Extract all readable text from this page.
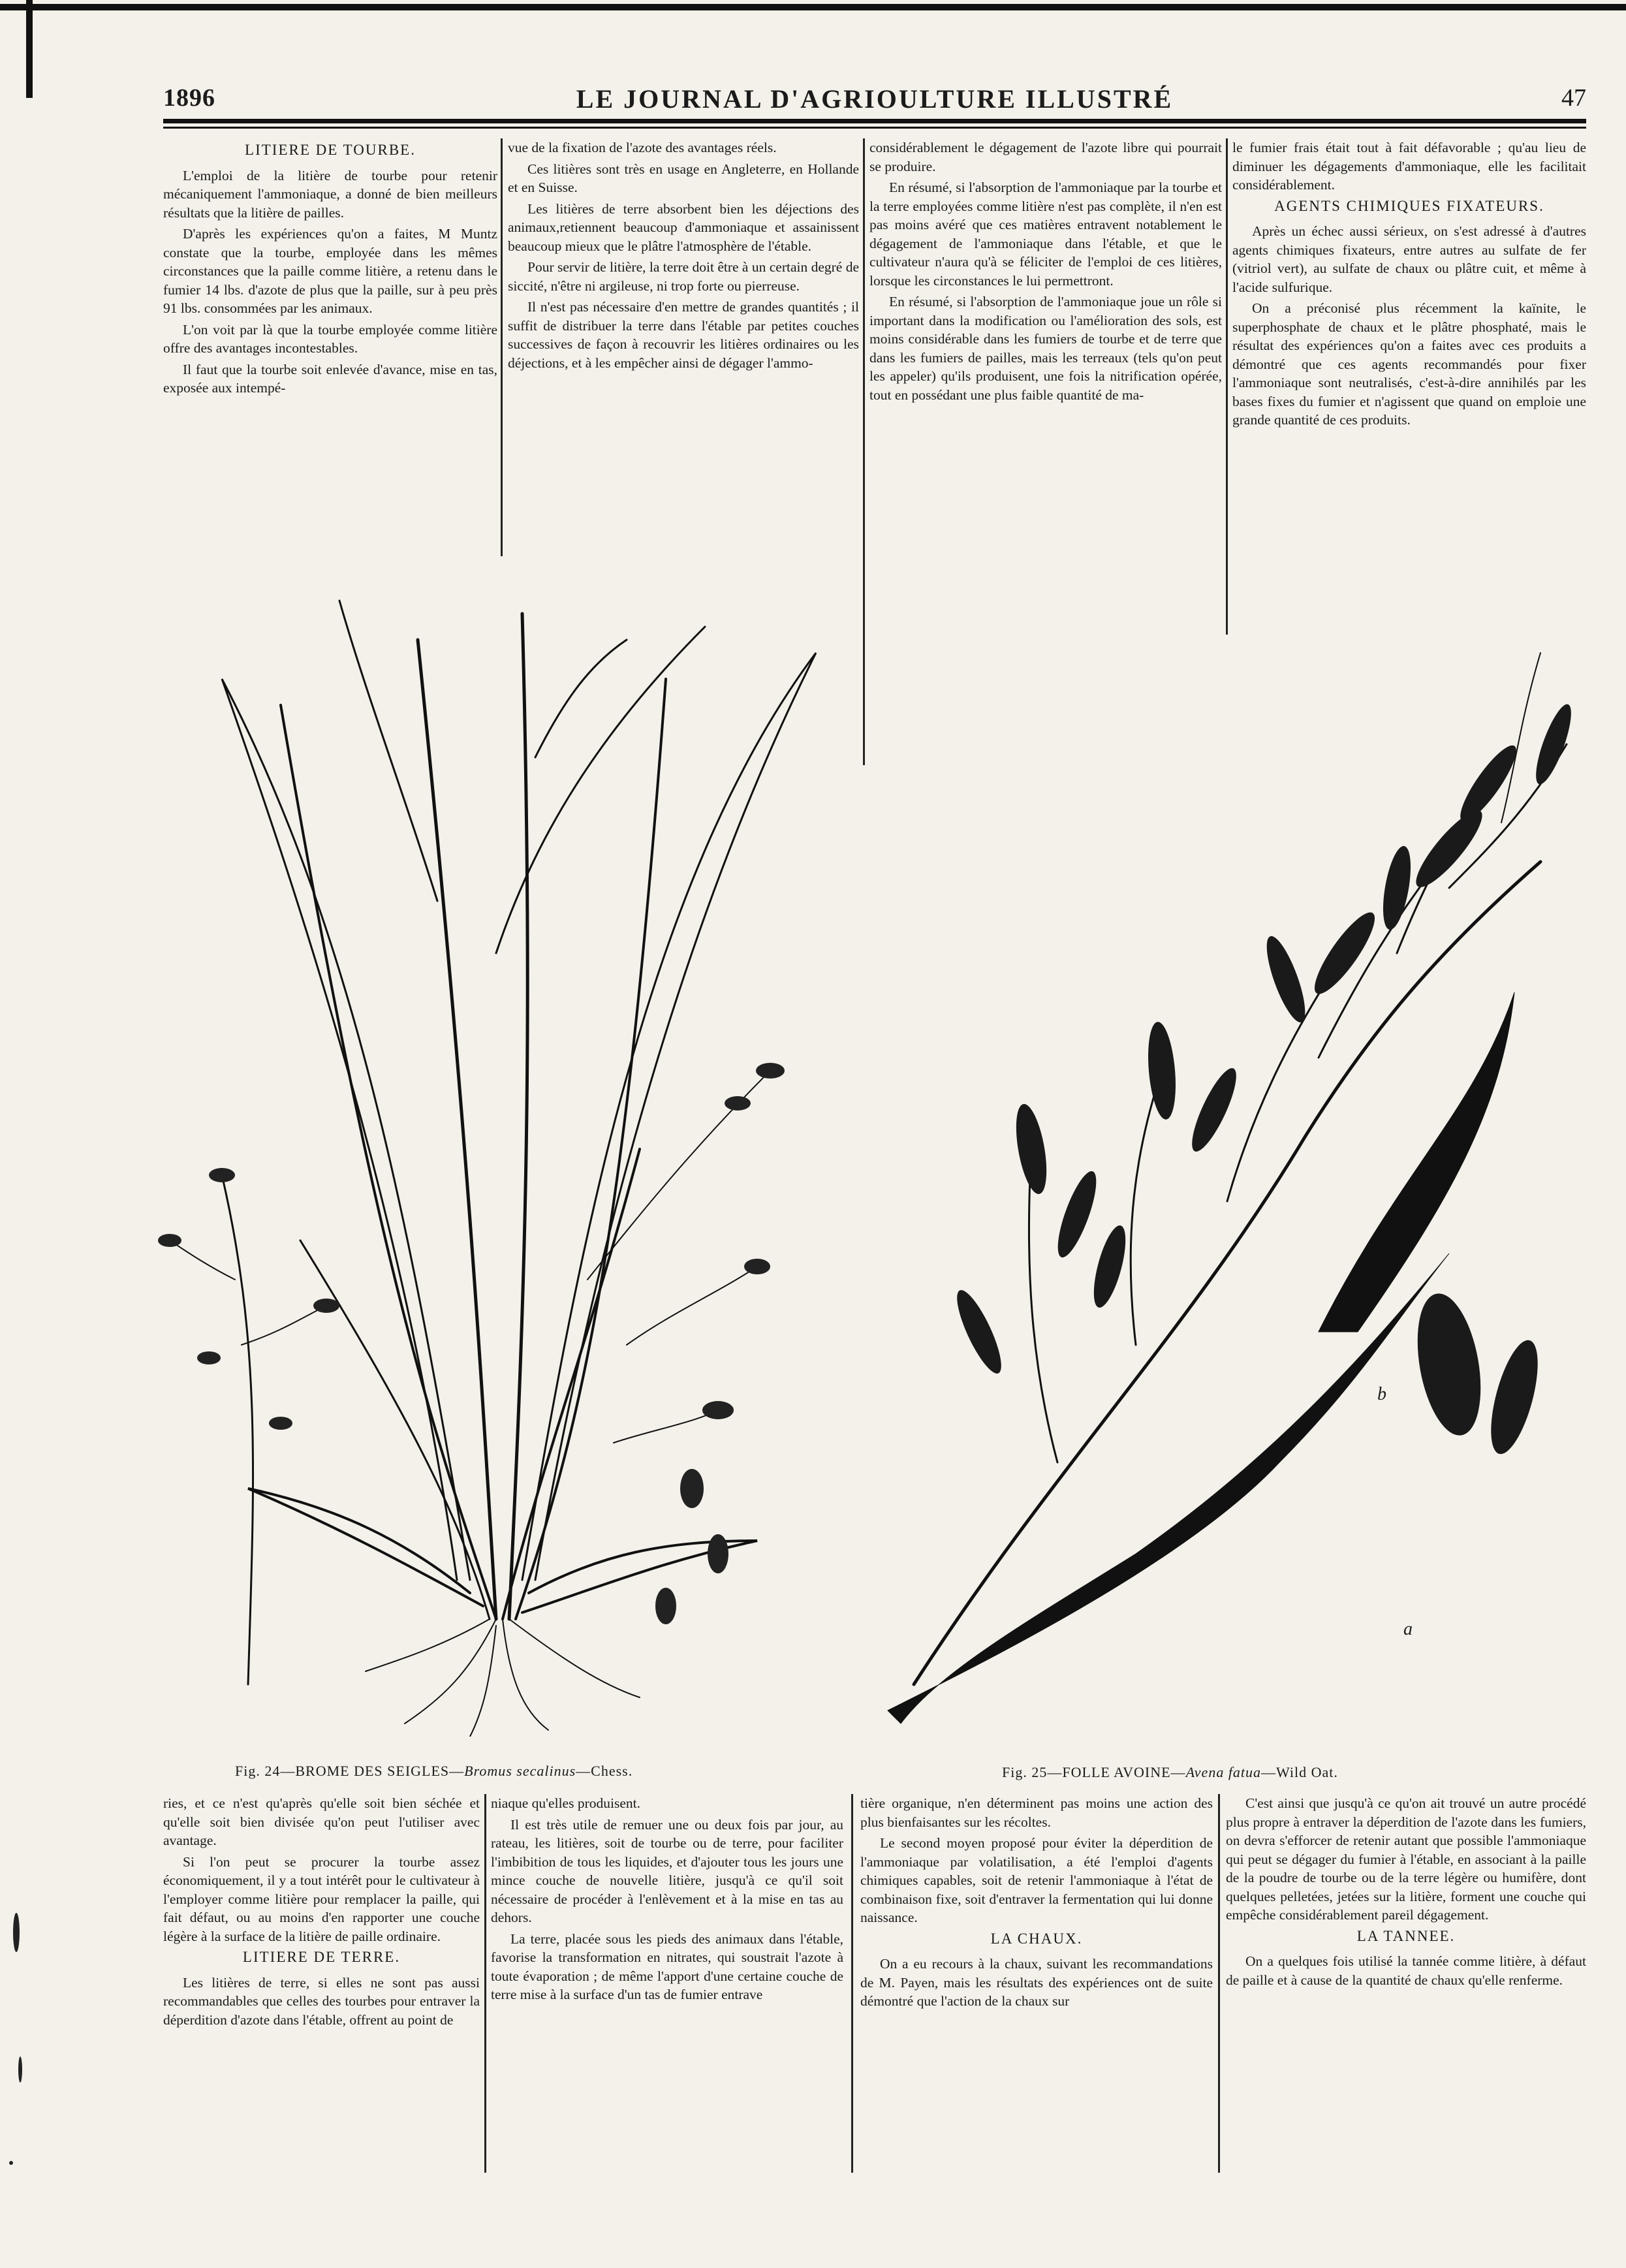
1896	LE JOURNAL D'AGRIOULTURE ILLUSTRÉ	47
LITIERE DE TOURBE.

L'emploi de la litière de tourbe pour retenir mécaniquement l'ammoniaque, a donné de bien meilleurs résultats que la litière de pailles.

D'après les expériences qu'on a faites, M Muntz constate que la tourbe, employée dans les mêmes circonstances que la paille comme litière, a retenu dans le fumier 14 lbs. d'azote de plus que la paille, sur à peu près 91 lbs. consommées par les animaux.

L'on voit par là que la tourbe employée comme litière offre des avantages incontestables.

Il faut que la tourbe soit enlevée d'avance, mise en tas, exposée aux intempé-

vue de la fixation de l'azote des avantages réels.

Ces litières sont très en usage en Angleterre, en Hollande et en Suisse.

Les litières de terre absorbent bien les déjections des animaux,retiennent beaucoup d'ammoniaque et assainissent beaucoup mieux que le plâtre l'atmosphère de l'étable.

Pour servir de litière, la terre doit être à un certain degré de siccité, n'être ni argileuse, ni trop forte ou pierreuse.

Il n'est pas nécessaire d'en mettre de grandes quantités ; il suffit de distribuer la terre dans l'étable par petites couches successives de façon à recouvrir les litières ordinaires ou les déjections, et à les empêcher ainsi de dégager l'ammo-

considérablement le dégagement de l'azote libre qui pourrait se produire.

En résumé, si l'absorption de l'ammoniaque par la tourbe et la terre employées comme litière n'est pas complète, il n'en est pas moins avéré que ces matières entravent notablement le dégagement de l'ammoniaque dans l'étable, et que le cultivateur n'aura qu'à se féliciter de l'emploi de ces litières, lorsque les circonstances le lui permettront.

En résumé, si l'absorption de l'ammoniaque joue un rôle si important dans la modification ou l'amélioration des sols, est moins considérable dans les fumiers de tourbe et de terre que dans les fumiers de pailles, mais les terreaux (tels qu'on peut les appeler) qu'ils produisent, une fois la nitrification opérée, tout en possédant une plus faible quantité de ma-

le fumier frais était tout à fait défavorable ; qu'au lieu de diminuer les dégagements d'ammoniaque, elle les facilitait considérablement.

AGENTS CHIMIQUES FIXATEURS.

Après un échec aussi sérieux, on s'est adressé à d'autres agents chimiques fixateurs, entre autres au sulfate de fer (vitriol vert), au sulfate de chaux ou plâtre cuit, et même à l'acide sulfurique.

On a préconisé plus récemment la kaïnite, le superphosphate de chaux et le plâtre phosphaté, mais le résultat des expériences qu'on a faites avec ces produits a démontré que ces agents recommandés pour fixer l'ammoniaque sont neutralisés, c'est-à-dire annihilés par les bases fixes du fumier et n'agissent que quand on emploie une grande quantité de ces produits.

Fig. 24—BROME DES SEIGLES—Bromus secalinus—Chess.
b
a
Fig. 25—FOLLE AVOINE—Avena fatua—Wild Oat.

ries, et ce n'est qu'après qu'elle soit bien séchée et qu'elle soit bien divisée qu'on peut l'utiliser avec avantage.

Si l'on peut se procurer la tourbe assez économiquement, il y a tout intérêt pour le cultivateur à l'employer comme litière pour remplacer la paille, qui fait défaut, ou au moins d'en rapporter une couche légère à la surface de la litière de paille ordinaire.

LITIERE DE TERRE.

Les litières de terre, si elles ne sont pas aussi recommandables que celles des tourbes pour entraver la déperdition d'azote dans l'étable, offrent au point de

niaque qu'elles produisent.

Il est très utile de remuer une ou deux fois par jour, au rateau, les litières, soit de tourbe ou de terre, pour faciliter l'imbibition de tous les liquides, et d'ajouter tous les jours une mince couche de nouvelle litière, jusqu'à ce qu'il soit nécessaire de procéder à l'enlèvement et à la mise en tas au dehors.

La terre, placée sous les pieds des animaux dans l'étable, favorise la transformation en nitrates, qui soustrait l'azote à toute évaporation ; de même l'apport d'une certaine couche de terre mise à la surface d'un tas de fumier entrave

tière organique, n'en déterminent pas moins une action des plus bienfaisantes sur les récoltes.

Le second moyen proposé pour éviter la déperdition de l'ammoniaque par volatilisation, a été l'emploi d'agents chimiques capables, soit de retenir l'ammoniaque à l'état de combinaison fixe, soit d'entraver la fermentation qui lui donne naissance.

LA CHAUX.

On a eu recours à la chaux, suivant les recommandations de M. Payen, mais les résultats des expériences ont de suite démontré que l'action de la chaux sur

C'est ainsi que jusqu'à ce qu'on ait trouvé un autre procédé plus propre à entraver la déperdition de l'azote dans les fumiers, on devra s'efforcer de retenir autant que possible l'ammoniaque qui peut se dégager du fumier à l'étable, en associant à la paille de la poudre de tourbe ou de la terre légère ou humifère, dont quelques pelletées, jetées sur la litière, forment une couche qui empêche considérablement pareil dégagement.

LA TANNEE.

On a quelques fois utilisé la tannée comme litière, à défaut de paille et à cause de la quantité de chaux qu'elle renferme.
